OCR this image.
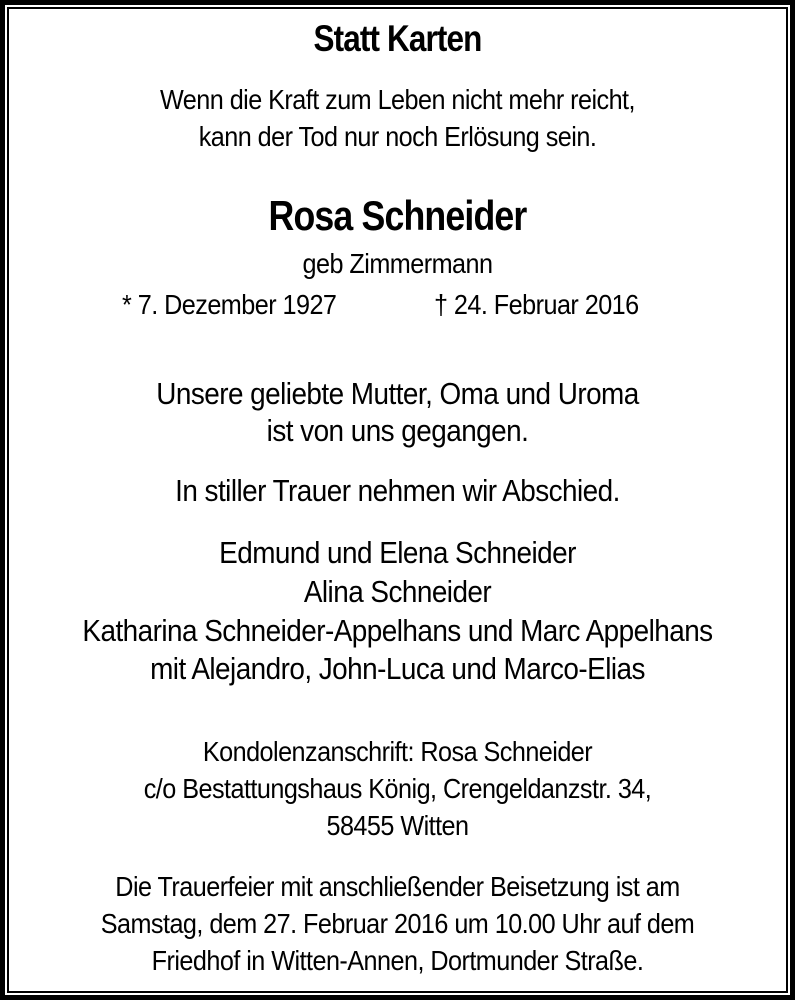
Statt Karten
Wenn die Kraft zum Leben nicht mehr reicht,
kann der Tod nur noch Erlösung sein.
Rosa Schneider
geb Zimmermann
* 7. Dezember 1927	† 24. Februar 2016
Unsere geliebte Mutter, Oma und Uroma
ist von uns gegangen.
In stiller Trauer nehmen wir Abschied.
Edmund und Elena Schneider
Alina Schneider
Katharina Schneider-Appelhans und Marc Appelhans
mit Alejandro, John-Luca und Marco-Elias
Kondolenzanschrift: Rosa Schneider
c/o Bestattungshaus König, Crengeldanzstr. 34,
58455 Witten
Die Trauerfeier mit anschließender Beisetzung ist am
Samstag, dem 27. Februar 2016 um 10.00 Uhr auf dem
Friedhof in Witten-Annen, Dortmunder Straße.
